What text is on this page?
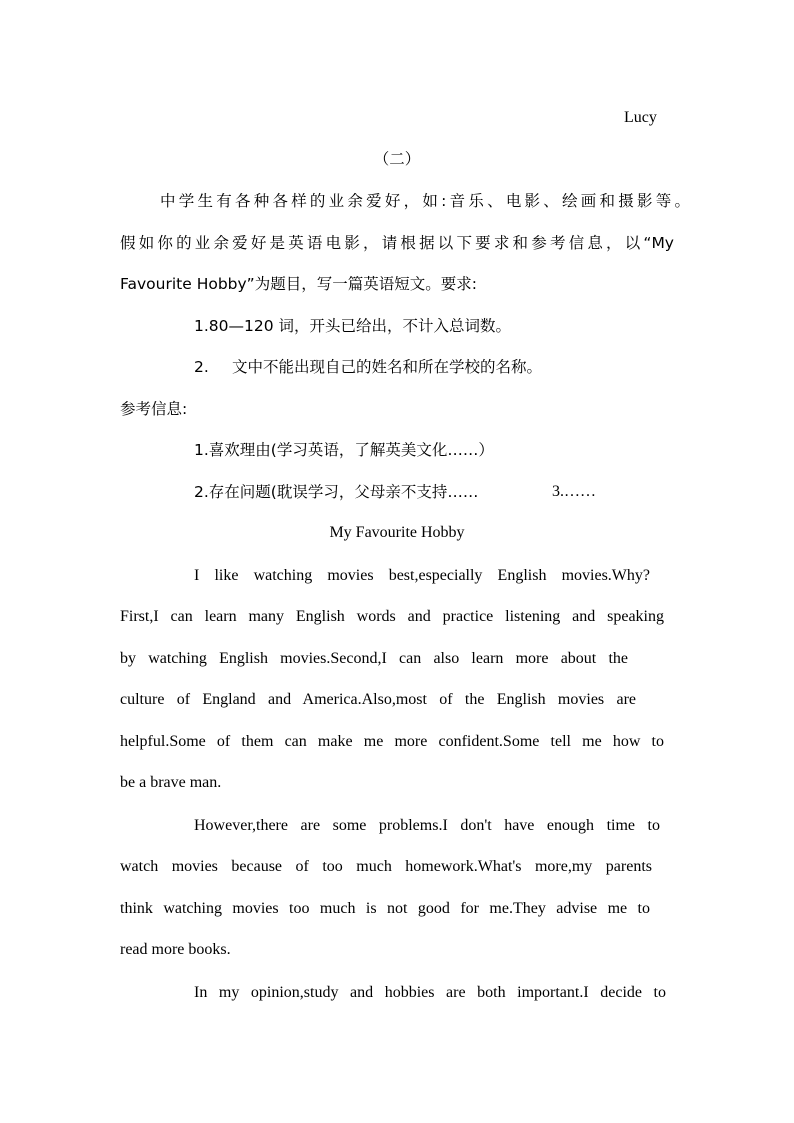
Lucy

（二）

中学生有各种各样的业余爱好，如:音乐、电影、绘画和摄影等。

假如你的业余爱好是英语电影，请根据以下要求和参考信息，以“My

Favourite Hobby”为题目，写一篇英语短文。要求:

1.80—120 词，开头已给出，不计入总词数。

2. 文中不能出现自己的姓名和所在学校的名称。

参考信息:

1.喜欢理由(学习英语，了解英美文化……）

2.存在问题(耽误学习，父母亲不支持……	3.……

My Favourite Hobby

I like watching movies best,especially English movies.Why?

First,I can learn many English words and practice listening and speaking

by watching English movies.Second,I can also learn more about the

culture of England and America.Also,most of the English movies are

helpful.Some of them can make me more confident.Some tell me how to

be a brave man.

However,there are some problems.I don't have enough time to

watch movies because of too much homework.What's more,my parents

think watching movies too much is not good for me.They advise me to

read more books.

In my opinion,study and hobbies are both important.I decide to
